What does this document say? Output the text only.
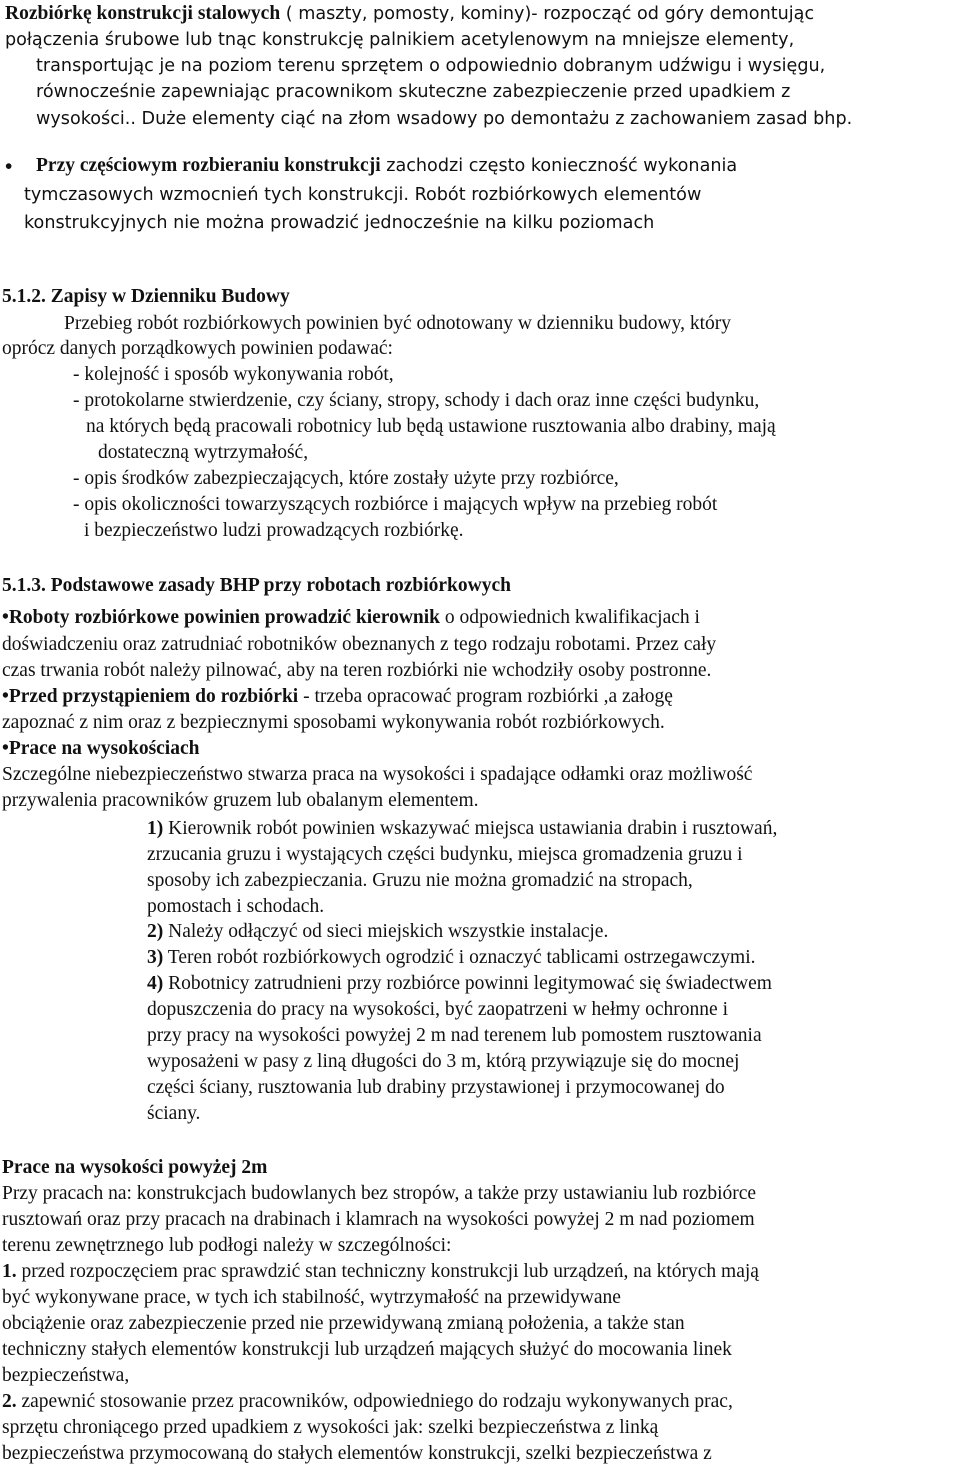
Rozbiórkę konstrukcji stalowych ( maszty, pomosty, kominy)- rozpocząć od góry demontując
połączenia śrubowe lub tnąc konstrukcję palnikiem acetylenowym na mniejsze elementy,
transportując je na poziom terenu sprzętem o odpowiednio dobranym udźwigu i wysięgu,
równocześnie zapewniając pracownikom skuteczne zabezpieczenie przed upadkiem z
wysokości.. Duże elementy ciąć na złom wsadowy po demontażu z zachowaniem zasad bhp.
• Przy częściowym rozbieraniu konstrukcji zachodzi często konieczność wykonania
tymczasowych wzmocnień tych konstrukcji. Robót rozbiórkowych elementów
konstrukcyjnych nie można prowadzić jednocześnie na kilku poziomach
5.1.2. Zapisy w Dzienniku Budowy
Przebieg robót rozbiórkowych powinien być odnotowany w dzienniku budowy, który
oprócz danych porządkowych powinien podawać:
- kolejność i sposób wykonywania robót,
- protokolarne stwierdzenie, czy ściany, stropy, schody i dach oraz inne części budynku,
na których będą pracowali robotnicy lub będą ustawione rusztowania albo drabiny, mają
dostateczną wytrzymałość,
- opis środków zabezpieczających, które zostały użyte przy rozbiórce,
- opis okoliczności towarzyszących rozbiórce i mających wpływ na przebieg robót
i bezpieczeństwo ludzi prowadzących rozbiórkę.
5.1.3. Podstawowe zasady BHP przy robotach rozbiórkowych
•Roboty rozbiórkowe powinien prowadzić kierownik o odpowiednich kwalifikacjach i
doświadczeniu oraz zatrudniać robotników obeznanych z tego rodzaju robotami. Przez cały
czas trwania robót należy pilnować, aby na teren rozbiórki nie wchodziły osoby postronne.
•Przed przystąpieniem do rozbiórki - trzeba opracować program rozbiórki ,a załogę
zapoznać z nim oraz z bezpiecznymi sposobami wykonywania robót rozbiórkowych.
•Prace na wysokościach
Szczególne niebezpieczeństwo stwarza praca na wysokości i spadające odłamki oraz możliwość
przywalenia pracowników gruzem lub obalanym elementem.
1) Kierownik robót powinien wskazywać miejsca ustawiania drabin i rusztowań,
zrzucania gruzu i wystających części budynku, miejsca gromadzenia gruzu i
sposoby ich zabezpieczania. Gruzu nie można gromadzić na stropach,
pomostach i schodach.
2) Należy odłączyć od sieci miejskich wszystkie instalacje.
3) Teren robót rozbiórkowych ogrodzić i oznaczyć tablicami ostrzegawczymi.
4) Robotnicy zatrudnieni przy rozbiórce powinni legitymować się świadectwem
dopuszczenia do pracy na wysokości, być zaopatrzeni w hełmy ochronne i
przy pracy na wysokości powyżej 2 m nad terenem lub pomostem rusztowania
wyposażeni w pasy z liną długości do 3 m, którą przywiązuje się do mocnej
części ściany, rusztowania lub drabiny przystawionej i przymocowanej do
ściany.
Prace na wysokości powyżej 2m
Przy pracach na: konstrukcjach budowlanych bez stropów, a także przy ustawianiu lub rozbiórce
rusztowań oraz przy pracach na drabinach i klamrach na wysokości powyżej 2 m nad poziomem
terenu zewnętrznego lub podłogi należy w szczególności:
1. przed rozpoczęciem prac sprawdzić stan techniczny konstrukcji lub urządzeń, na których mają
być wykonywane prace, w tych ich stabilność, wytrzymałość na przewidywane
obciążenie oraz zabezpieczenie przed nie przewidywaną zmianą położenia, a także stan
techniczny stałych elementów konstrukcji lub urządzeń mających służyć do mocowania linek
bezpieczeństwa,
2. zapewnić stosowanie przez pracowników, odpowiedniego do rodzaju wykonywanych prac,
sprzętu chroniącego przed upadkiem z wysokości jak: szelki bezpieczeństwa z linką
bezpieczeństwa przymocowaną do stałych elementów konstrukcji, szelki bezpieczeństwa z
